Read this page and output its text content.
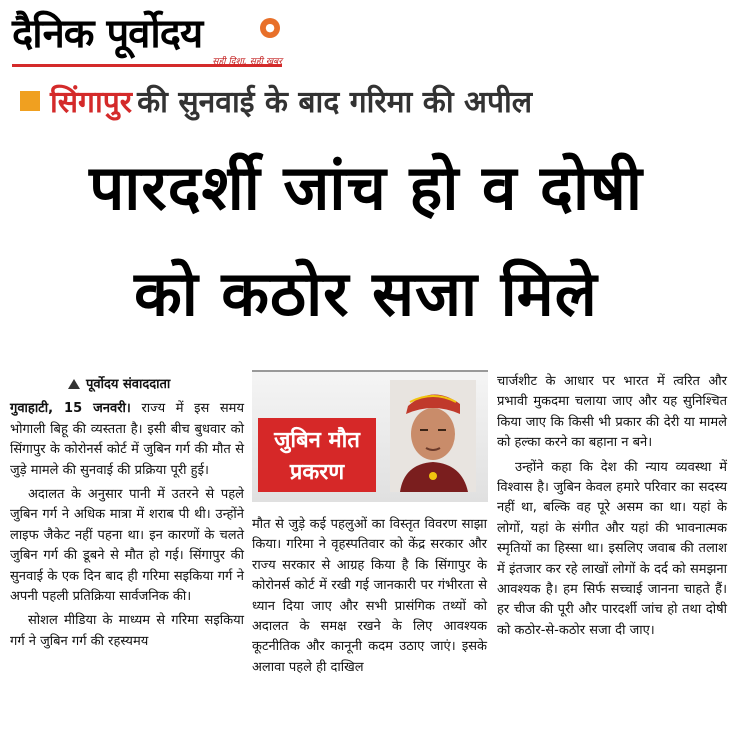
दैनिक पूर्वोदय	●
सही दिशा, सही खबर
सिंगापुर की सुनवाई के बाद गरिमा की अपील
पारदर्शी जांच हो व दोषी
को कठोर सजा मिले

पूर्वोदय संवाददाता

गुवाहाटी, 15 जनवरी। राज्य में इस समय भोगाली बिहू की व्यस्तता है। इसी बीच बुधवार को सिंगापुर के कोरोनर्स कोर्ट में जुबिन गर्ग की मौत से जुड़े मामले की सुनवाई की प्रक्रिया पूरी हुई।

अदालत के अनुसार पानी में उतरने से पहले जुबिन गर्ग ने अधिक मात्रा में शराब पी थी। उन्होंने लाइफ जैकेट नहीं पहना था। इन कारणों के चलते जुबिन गर्ग की डूबने से मौत हो गई। सिंगापुर की सुनवाई के एक दिन बाद ही गरिमा सइकिया गर्ग ने अपनी पहली प्रतिक्रिया सार्वजनिक की।

सोशल मीडिया के माध्यम से गरिमा सइकिया गर्ग ने जुबिन गर्ग की रहस्यमय

जुबिन मौत
प्रकरण

मौत से जुड़े कई पहलुओं का विस्तृत विवरण साझा किया। गरिमा ने वृहस्पतिवार को केंद्र सरकार और राज्य सरकार से आग्रह किया है कि सिंगापुर के कोरोनर्स कोर्ट में रखी गई जानकारी पर गंभीरता से ध्यान दिया जाए और सभी प्रासंगिक तथ्यों को अदालत के समक्ष रखने के लिए आवश्यक कूटनीतिक और कानूनी कदम उठाए जाएं। इसके अलावा पहले ही दाखिल

चार्जशीट के आधार पर भारत में त्वरित और प्रभावी मुकदमा चलाया जाए और यह सुनिश्चित किया जाए कि किसी भी प्रकार की देरी या मामले को हल्का करने का बहाना न बने।

उन्होंने कहा कि देश की न्याय व्यवस्था में विश्वास है। जुबिन केवल हमारे परिवार का सदस्य नहीं था, बल्कि वह पूरे असम का था। यहां के लोगों, यहां के संगीत और यहां की भावनात्मक स्मृतियों का हिस्सा था। इसलिए जवाब की तलाश में इंतजार कर रहे लाखों लोगों के दर्द को समझना आवश्यक है। हम सिर्फ सच्चाई जानना चाहते हैं। हर चीज की पूरी और पारदर्शी जांच हो तथा दोषी को कठोर-से-कठोर सजा दी जाए।
